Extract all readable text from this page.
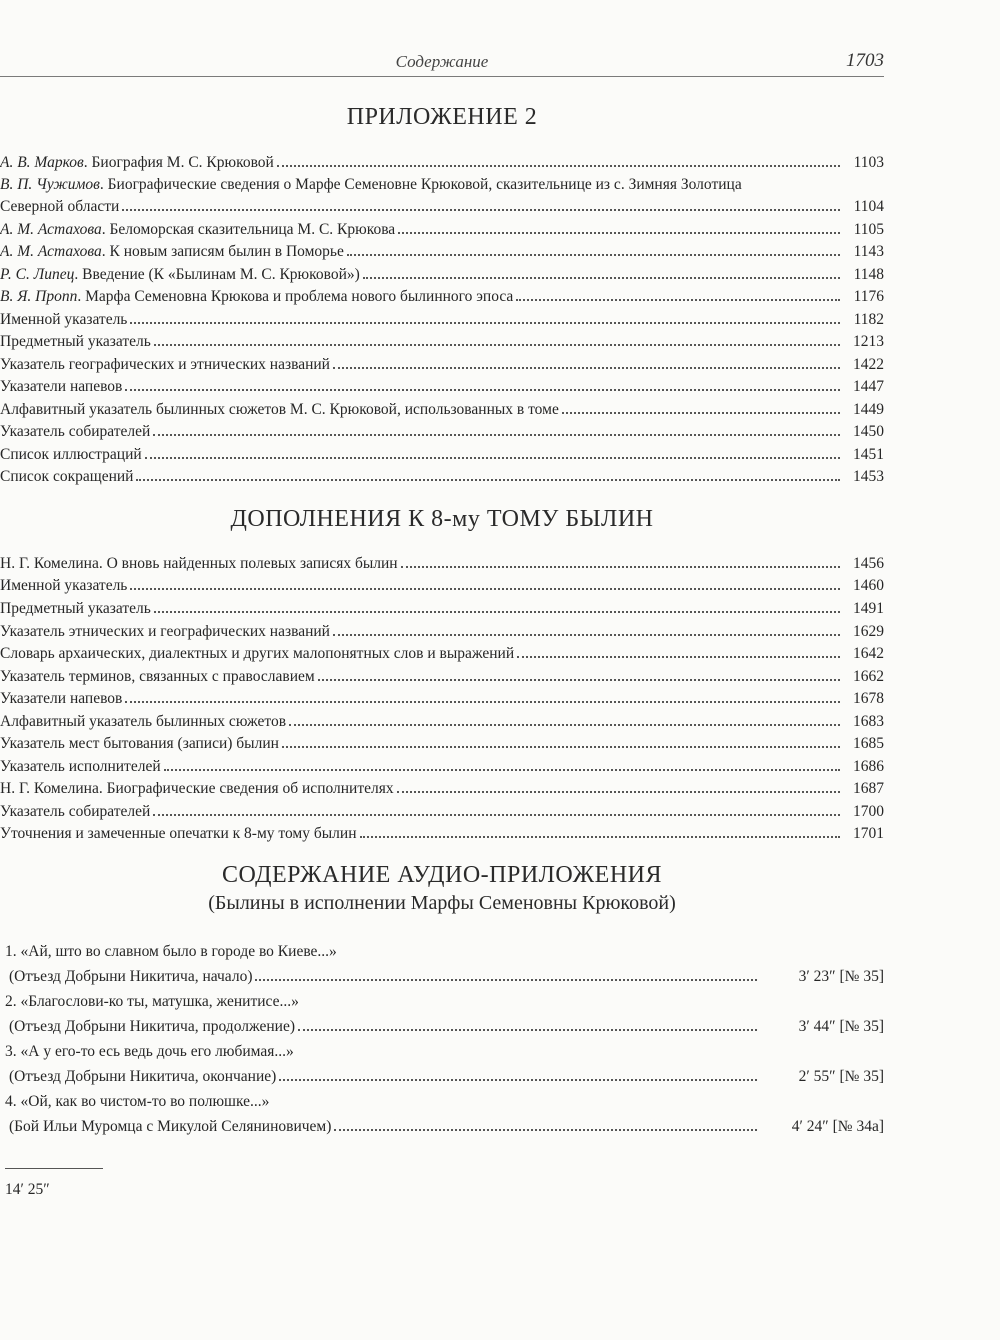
Содержание	1703
ПРИЛОЖЕНИЕ 2
А. В. Марков. Биография М. С. Крюковой	1103
В. П. Чужимов. Биографические сведения о Марфе Семеновне Крюковой, сказительнице из с. Зимняя Золотица
Северной области	1104
А. М. Астахова. Беломорская сказительница М. С. Крюкова	1105
А. М. Астахова. К новым записям былин в Поморье	1143
Р. С. Липец. Введение (К «Былинам М. С. Крюковой»)	1148
В. Я. Пропп. Марфа Семеновна Крюкова и проблема нового былинного эпоса	1176
Именной указатель	1182
Предметный указатель	1213
Указатель географических и этнических названий	1422
Указатели напевов	1447
Алфавитный указатель былинных сюжетов М. С. Крюковой, использованных в томе	1449
Указатель собирателей	1450
Список иллюстраций	1451
Список сокращений	1453
ДОПОЛНЕНИЯ К 8-му ТОМУ БЫЛИН
Н. Г. Комелина. О вновь найденных полевых записях былин	1456
Именной указатель	1460
Предметный указатель	1491
Указатель этнических и географических названий	1629
Словарь архаических, диалектных и других малопонятных слов и выражений	1642
Указатель терминов, связанных с православием	1662
Указатели напевов	1678
Алфавитный указатель былинных сюжетов	1683
Указатель мест бытования (записи) былин	1685
Указатель исполнителей	1686
Н. Г. Комелина. Биографические сведения об исполнителях	1687
Указатель собирателей	1700
Уточнения и замеченные опечатки к 8-му тому былин	1701
СОДЕРЖАНИЕ АУДИО-ПРИЛОЖЕНИЯ
(Былины в исполнении Марфы Семеновны Крюковой)
1. «Ай, што во славном было в городе во Киеве...»
(Отъезд Добрыни Никитича, начало)	3′ 23″ [№ 35]
2. «Благослови-ко ты, матушка, женитисе...»
(Отъезд Добрыни Никитича, продолжение)	3′ 44″ [№ 35]
3. «А у его-то есь ведь дочь его любимая...»
(Отъезд Добрыни Никитича, окончание)	2′ 55″ [№ 35]
4. «Ой, как во чистом-то во полюшке...»
(Бой Ильи Муромца с Микулой Селяниновичем)	4′ 24″ [№ 34а]
14′ 25″
